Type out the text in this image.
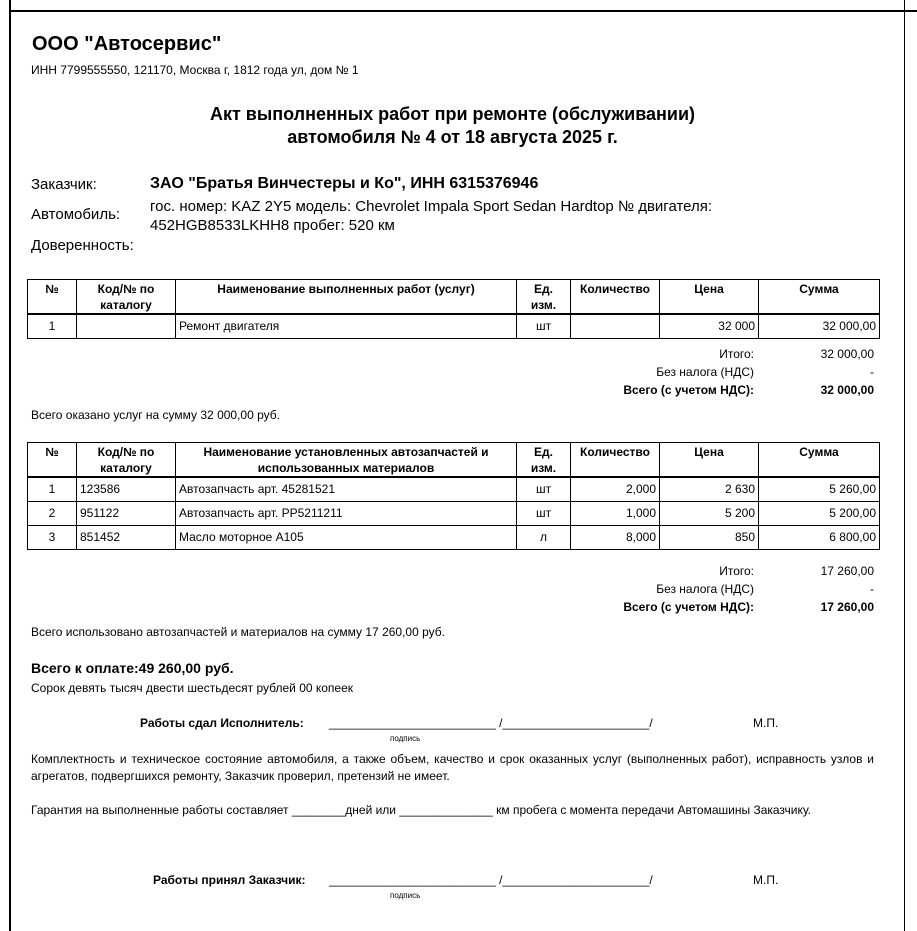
ООО "Автосервис"
ИНН 7799555550, 121170, Москва г, 1812 года ул, дом № 1
Акт выполненных работ при ремонте (обслуживании)
автомобиля № 4 от 18 августа 2025 г.
Заказчик:	ЗАО "Братья Винчестеры и Ко", ИНН 6315376946
Автомобиль: гос. номер: KAZ 2Y5 модель: Chevrolet Impala Sport Sedan Hardtop № двигателя:
452HGB8533LKHH8 пробег: 520 км
Доверенность:
№	Код/№ по каталогу	Наименование выполненных работ (услуг)	Ед. изм.	Количество	Цена	Сумма
1		Ремонт двигателя	шт		32 000	32 000,00
Итого:	32 000,00
Без налога (НДС)	-
Всего (с учетом НДС):	32 000,00
Всего оказано услуг на сумму 32 000,00 руб.
№	Код/№ по каталогу	Наименование установленных автозапчастей и использованных материалов	Ед. изм.	Количество	Цена	Сумма
1	123586	Автозапчасть арт. 45281521	шт	2,000	2 630	5 260,00
2	951122	Автозапчасть арт. PP5211211	шт	1,000	5 200	5 200,00
3	851452	Масло моторное А105	л	8,000	850	6 800,00
Итого:	17 260,00
Без налога (НДС)	-
Всего (с учетом НДС):	17 260,00
Всего использовано автозапчастей и материалов на сумму 17 260,00 руб.
Всего к оплате:49 260,00 руб.
Сорок девять тысяч двести шестьдесят рублей 00 копеек
Работы сдал Исполнитель: _________________________ /______________________/	М.П.
подпись
Комплектность и техническое состояние автомобиля, а также объем, качество и срок оказанных услуг (выполненных работ), исправность узлов и агрегатов, подвергшихся ремонту, Заказчик проверил, претензий не имеет.
Гарантия на выполненные работы составляет ________дней или ______________ км пробега с момента передачи Автомашины Заказчику.
Работы принял Заказчик: _________________________ /______________________/	М.П.
подпись
